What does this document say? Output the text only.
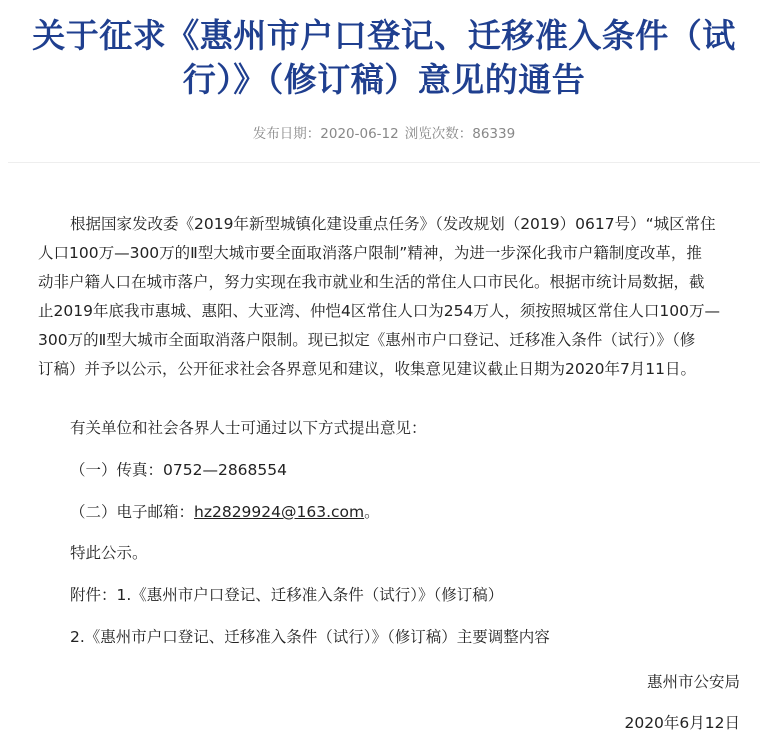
关于征求《惠州市户口登记、迁移准入条件（试行）》（修订稿）意见的通告
发布日期：2020-06-12 浏览次数：86339
根据国家发改委《2019年新型城镇化建设重点任务》（发改规划（2019）0617号）“城区常住
人口100万—300万的Ⅱ型大城市要全面取消落户限制”精神，为进一步深化我市户籍制度改革，推
动非户籍人口在城市落户，努力实现在我市就业和生活的常住人口市民化。根据市统计局数据，截
止2019年底我市惠城、惠阳、大亚湾、仲恺4区常住人口为254万人，须按照城区常住人口100万—
300万的Ⅱ型大城市全面取消落户限制。现已拟定《惠州市户口登记、迁移准入条件（试行）》（修
订稿）并予以公示，公开征求社会各界意见和建议，收集意见建议截止日期为2020年7月11日。
有关单位和社会各界人士可通过以下方式提出意见：
（一）传真：0752—2868554
（二）电子邮箱：hz2829924@163.com。
特此公示。
附件：1.《惠州市户口登记、迁移准入条件（试行）》（修订稿）
2.《惠州市户口登记、迁移准入条件（试行）》（修订稿）主要调整内容
惠州市公安局
2020年6月12日
